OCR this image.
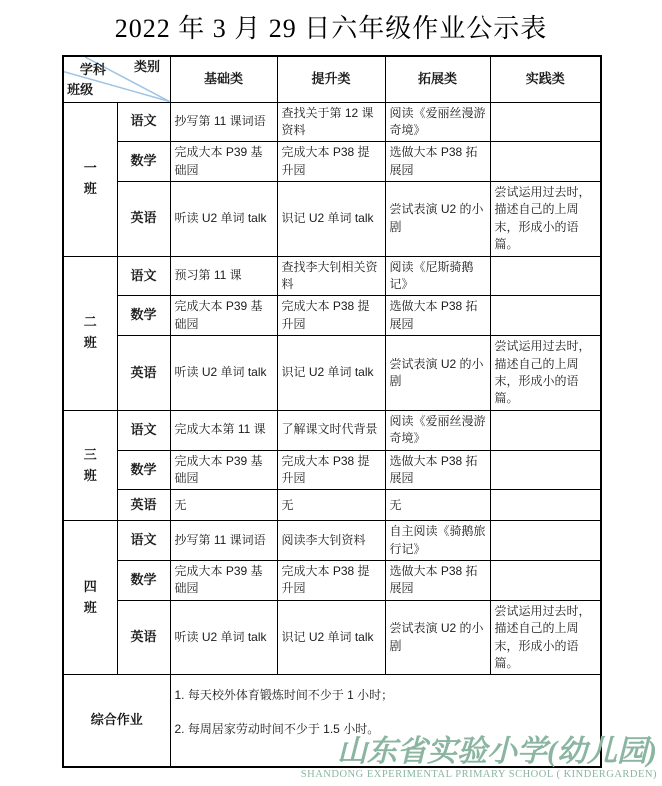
2022 年 3 月 29 日六年级作业公示表
学科 类别
班级		基础类	提升类	拓展类	实践类
一班	语文	抄写第 11 课词语	查找关于第 12 课资料	阅读《爱丽丝漫游奇境》	
	数学	完成大本 P39 基础园	完成大本 P38 提升园	选做大本 P38 拓展园	
	英语	听读 U2 单词 talk	识记 U2 单词 talk	尝试表演 U2 的小剧	尝试运用过去时，描述自己的上周末，形成小的语篇。
二班	语文	预习第 11 课	查找李大钊相关资料	阅读《尼斯骑鹅记》	
	数学	完成大本 P39 基础园	完成大本 P38 提升园	选做大本 P38 拓展园	
	英语	听读 U2 单词 talk	识记 U2 单词 talk	尝试表演 U2 的小剧	尝试运用过去时，描述自己的上周末，形成小的语篇。
三班	语文	完成大本第 11 课	了解课文时代背景	阅读《爱丽丝漫游奇境》	
	数学	完成大本 P39 基础园	完成大本 P38 提升园	选做大本 P38 拓展园	
	英语	无	无	无	
四班	语文	抄写第 11 课词语	阅读李大钊资料	自主阅读《骑鹅旅行记》	
	数学	完成大本 P39 基础园	完成大本 P38 提升园	选做大本 P38 拓展园	
	英语	听读 U2 单词 talk	识记 U2 单词 talk	尝试表演 U2 的小剧	尝试运用过去时，描述自己的上周末，形成小的语篇。
综合作业		1. 每天校外体育锻炼时间不少于 1 小时；
2. 每周居家劳动时间不少于 1.5 小时。			
山东省实验小学(幼儿园)
SHANDONG EXPERIMENTAL PRIMARY SCHOOL ( KINDERGARDEN)
